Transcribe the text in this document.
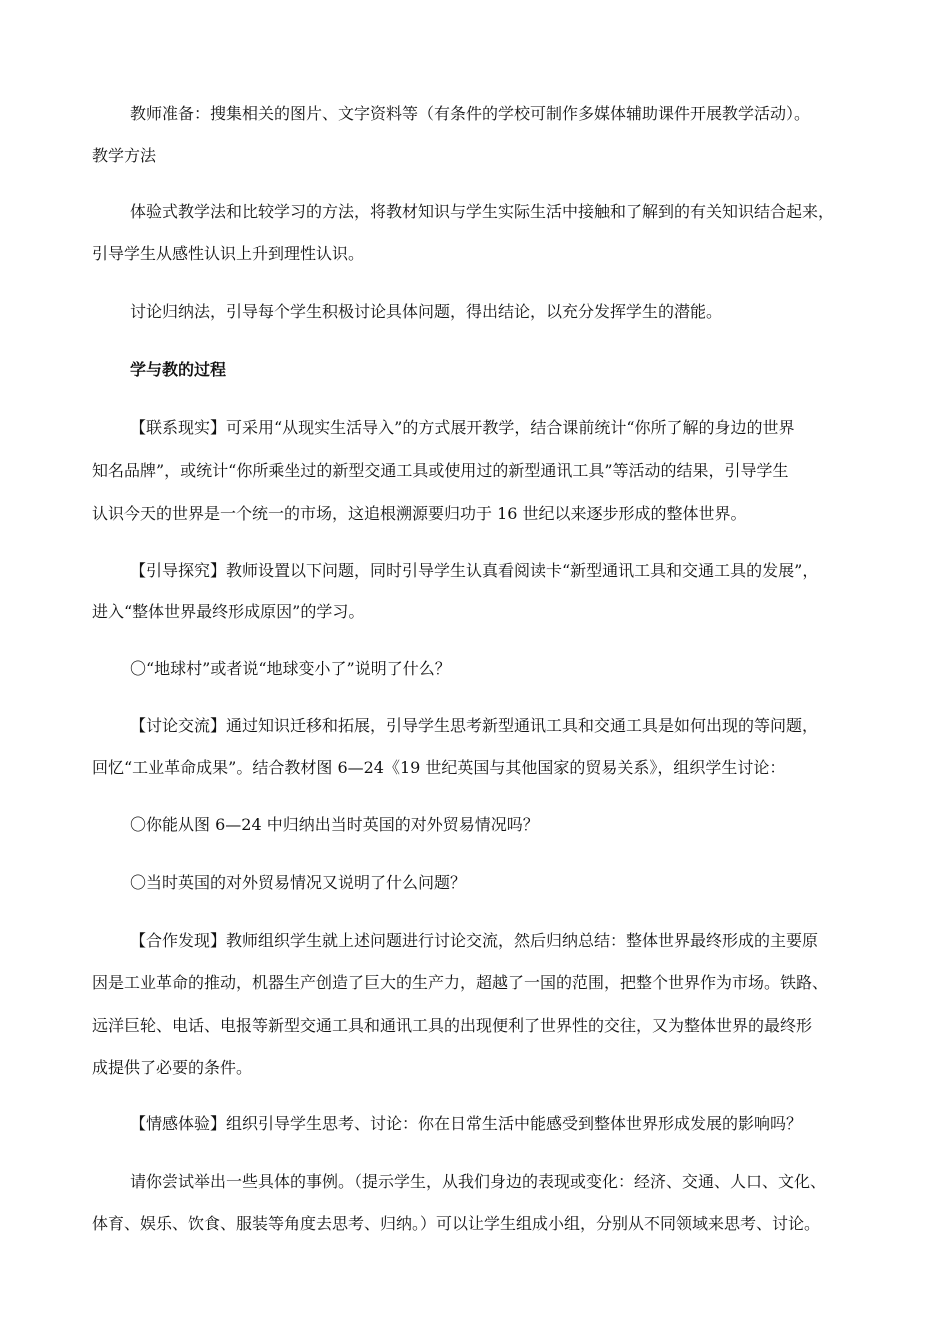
教师准备：搜集相关的图片、文字资料等（有条件的学校可制作多媒体辅助课件开展教学活动）。
教学方法
体验式教学法和比较学习的方法，将教材知识与学生实际生活中接触和了解到的有关知识结合起来，
引导学生从感性认识上升到理性认识。
讨论归纳法，引导每个学生积极讨论具体问题，得出结论，以充分发挥学生的潜能。
学与教的过程
【联系现实】可采用“从现实生活导入”的方式展开教学，结合课前统计“你所了解的身边的世界
知名品牌”，或统计“你所乘坐过的新型交通工具或使用过的新型通讯工具”等活动的结果，引导学生
认识今天的世界是一个统一的市场，这追根溯源要归功于 16 世纪以来逐步形成的整体世界。
【引导探究】教师设置以下问题，同时引导学生认真看阅读卡“新型通讯工具和交通工具的发展”，
进入“整体世界最终形成原因”的学习。
〇“地球村”或者说“地球变小了”说明了什么？
【讨论交流】通过知识迁移和拓展，引导学生思考新型通讯工具和交通工具是如何出现的等问题，
回忆“工业革命成果”。结合教材图 6—24《19 世纪英国与其他国家的贸易关系》，组织学生讨论：
〇你能从图 6—24 中归纳出当时英国的对外贸易情况吗？
〇当时英国的对外贸易情况又说明了什么问题？
【合作发现】教师组织学生就上述问题进行讨论交流，然后归纳总结：整体世界最终形成的主要原
因是工业革命的推动，机器生产创造了巨大的生产力，超越了一国的范围，把整个世界作为市场。铁路、
远洋巨轮、电话、电报等新型交通工具和通讯工具的出现便利了世界性的交往，又为整体世界的最终形
成提供了必要的条件。
【情感体验】组织引导学生思考、讨论：你在日常生活中能感受到整体世界形成发展的影响吗？
请你尝试举出一些具体的事例。（提示学生，从我们身边的表现或变化：经济、交通、人口、文化、
体育、娱乐、饮食、服装等角度去思考、归纳。）可以让学生组成小组，分别从不同领域来思考、讨论。
